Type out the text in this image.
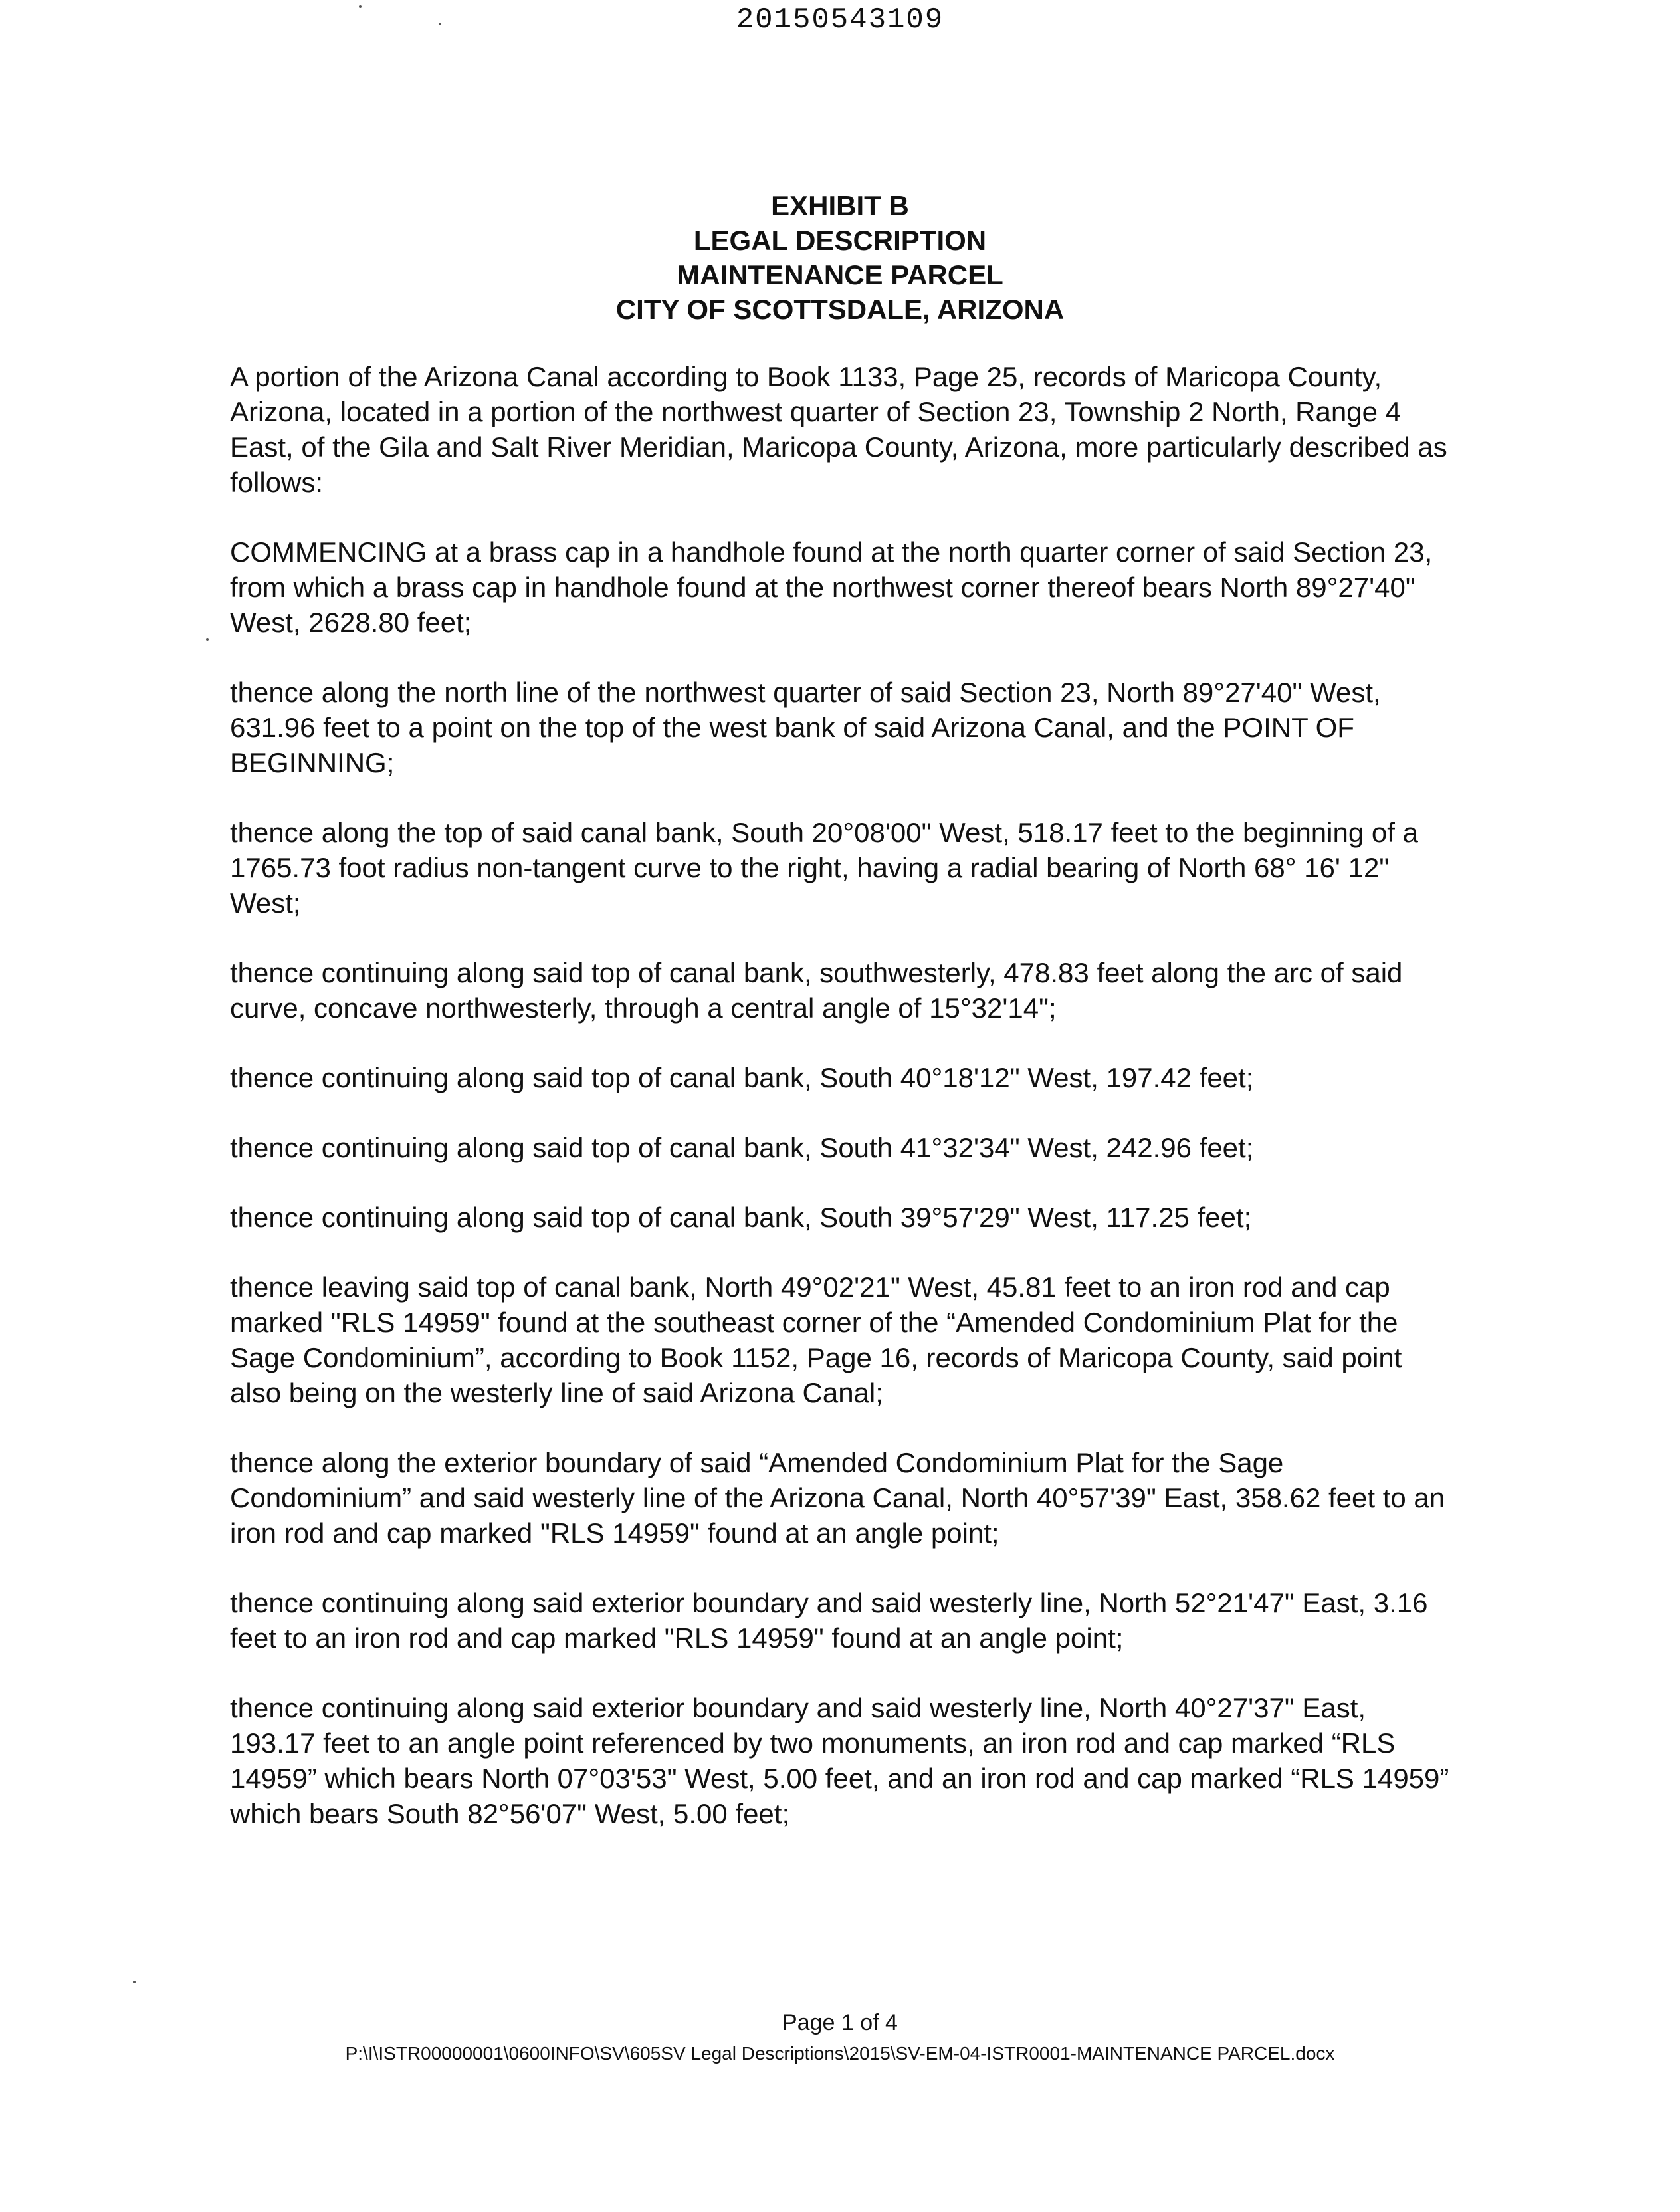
20150543109
EXHIBIT B
LEGAL DESCRIPTION
MAINTENANCE PARCEL
CITY OF SCOTTSDALE, ARIZONA

A portion of the Arizona Canal according to Book 1133, Page 25, records of Maricopa County, Arizona, located in a portion of the northwest quarter of Section 23, Township 2 North, Range 4 East, of the Gila and Salt River Meridian, Maricopa County, Arizona, more particularly described as follows:

COMMENCING at a brass cap in a handhole found at the north quarter corner of said Section 23, from which a brass cap in handhole found at the northwest corner thereof bears North 89°27'40" West, 2628.80 feet;

thence along the north line of the northwest quarter of said Section 23, North 89°27'40" West, 631.96 feet to a point on the top of the west bank of said Arizona Canal, and the POINT OF BEGINNING;

thence along the top of said canal bank, South 20°08'00" West, 518.17 feet to the beginning of a 1765.73 foot radius non-tangent curve to the right, having a radial bearing of North 68° 16' 12" West;

thence continuing along said top of canal bank, southwesterly, 478.83 feet along the arc of said curve, concave northwesterly, through a central angle of 15°32'14";

thence continuing along said top of canal bank, South 40°18'12" West, 197.42 feet;

thence continuing along said top of canal bank, South 41°32'34" West, 242.96 feet;

thence continuing along said top of canal bank, South 39°57'29" West, 117.25 feet;

thence leaving said top of canal bank, North 49°02'21" West, 45.81 feet to an iron rod and cap marked "RLS 14959" found at the southeast corner of the “Amended Condominium Plat for the Sage Condominium”, according to Book 1152, Page 16, records of Maricopa County, said point also being on the westerly line of said Arizona Canal;

thence along the exterior boundary of said “Amended Condominium Plat for the Sage Condominium” and said westerly line of the Arizona Canal, North 40°57'39" East, 358.62 feet to an iron rod and cap marked "RLS 14959" found at an angle point;

thence continuing along said exterior boundary and said westerly line, North 52°21'47" East, 3.16 feet to an iron rod and cap marked "RLS 14959" found at an angle point;

thence continuing along said exterior boundary and said westerly line, North 40°27'37" East, 193.17 feet to an angle point referenced by two monuments, an iron rod and cap marked “RLS 14959” which bears North 07°03'53" West, 5.00 feet, and an iron rod and cap marked “RLS 14959” which bears South 82°56'07" West, 5.00 feet;

Page 1 of 4
P:\I\ISTR00000001\0600INFO\SV\605SV Legal Descriptions\2015\SV-EM-04-ISTR0001-MAINTENANCE PARCEL.docx
